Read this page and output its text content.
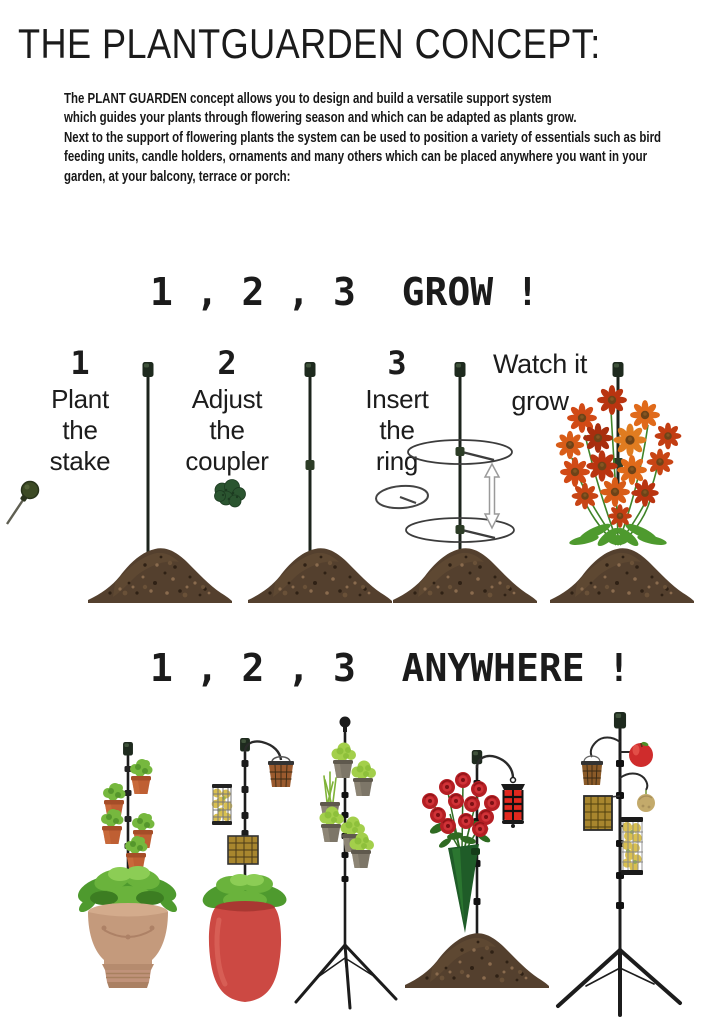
THE PLANTGUARDEN CONCEPT:
The PLANT GUARDEN concept allows you to design and build a versatile support system
which guides your plants through flowering season and which can be adapted as plants grow.
Next to the support of flowering plants the system can be used to position a variety of essentials such as bird
feeding units, candle holders, ornaments and many others which can be placed anywhere you want in your
garden, at your balcony, terrace or porch:
1 , 2 , 3  GROW !
1
Plant
the
stake
2
Adjust
the
coupler
3
Insert
the
ring
Watch it
grow
1 , 2 , 3  ANYWHERE !
